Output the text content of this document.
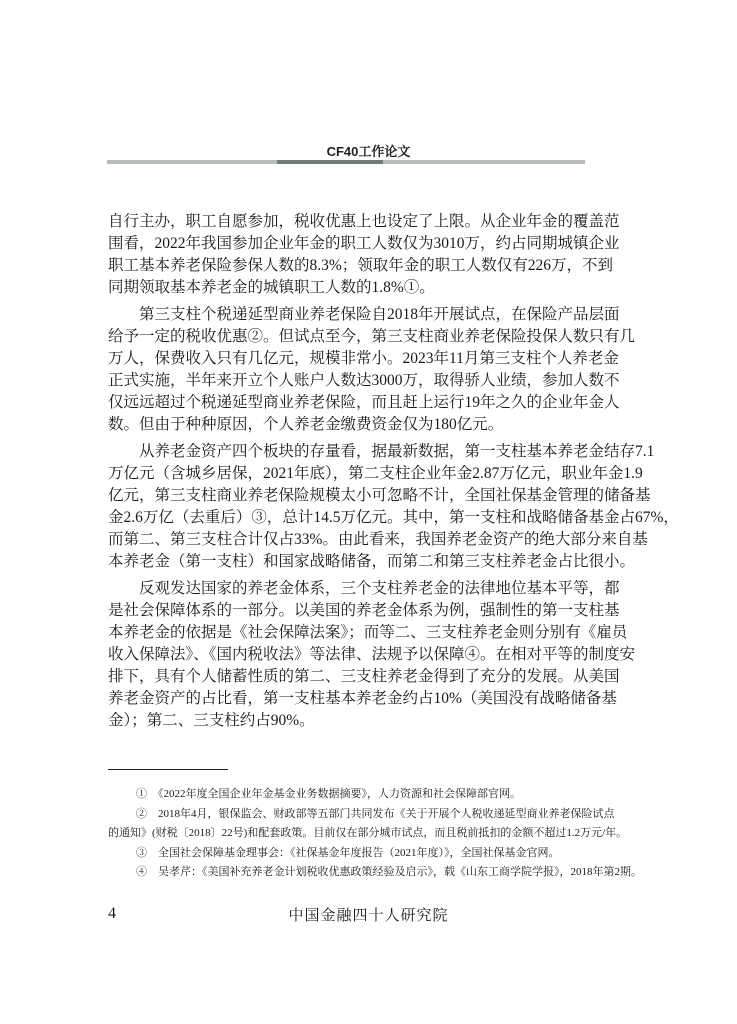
CF40工作论文
自行主办，职工自愿参加，税收优惠上也设定了上限。从企业年金的覆盖范
围看，2022年我国参加企业年金的职工人数仅为3010万，约占同期城镇企业
职工基本养老保险参保人数的8.3%；领取年金的职工人数仅有226万，不到
同期领取基本养老金的城镇职工人数的1.8%①。
第三支柱个税递延型商业养老保险自2018年开展试点，在保险产品层面
给予一定的税收优惠②。但试点至今，第三支柱商业养老保险投保人数只有几
万人，保费收入只有几亿元，规模非常小。2023年11月第三支柱个人养老金
正式实施，半年来开立个人账户人数达3000万，取得骄人业绩，参加人数不
仅远远超过个税递延型商业养老保险，而且赶上运行19年之久的企业年金人
数。但由于种种原因，个人养老金缴费资金仅为180亿元。
从养老金资产四个板块的存量看，据最新数据，第一支柱基本养老金结存7.1
万亿元（含城乡居保，2021年底），第二支柱企业年金2.87万亿元，职业年金1.9
亿元，第三支柱商业养老保险规模太小可忽略不计，全国社保基金管理的储备基
金2.6万亿（去重后）③，总计14.5万亿元。其中，第一支柱和战略储备基金占67%，
而第二、第三支柱合计仅占33%。由此看来，我国养老金资产的绝大部分来自基
本养老金（第一支柱）和国家战略储备，而第二和第三支柱养老金占比很小。
反观发达国家的养老金体系，三个支柱养老金的法律地位基本平等，都
是社会保障体系的一部分。以美国的养老金体系为例，强制性的第一支柱基
本养老金的依据是《社会保障法案》；而等二、三支柱养老金则分别有《雇员
收入保障法》、《国内税收法》等法律、法规予以保障④。在相对平等的制度安
排下，具有个人储蓄性质的第二、三支柱养老金得到了充分的发展。从美国
养老金资产的占比看，第一支柱基本养老金约占10%（美国没有战略储备基
金）；第二、三支柱约占90%。
①　《2022年度全国企业年金基金业务数据摘要》，人力资源和社会保障部官网。
②　2018年4月，银保监会、财政部等五部门共同发布《关于开展个人税收递延型商业养老保险试点
的通知》(财税〔2018〕22号)和配套政策。目前仅在部分城市试点，而且税前抵扣的金额不超过1.2万元/年。
③　全国社会保障基金理事会：《社保基金年度报告（2021年度）》，全国社保基金官网。
④　吴孝芹：《美国补充养老金计划税收优惠政策经验及启示》，载《山东工商学院学报》，2018年第2期。
4	中国金融四十人研究院
